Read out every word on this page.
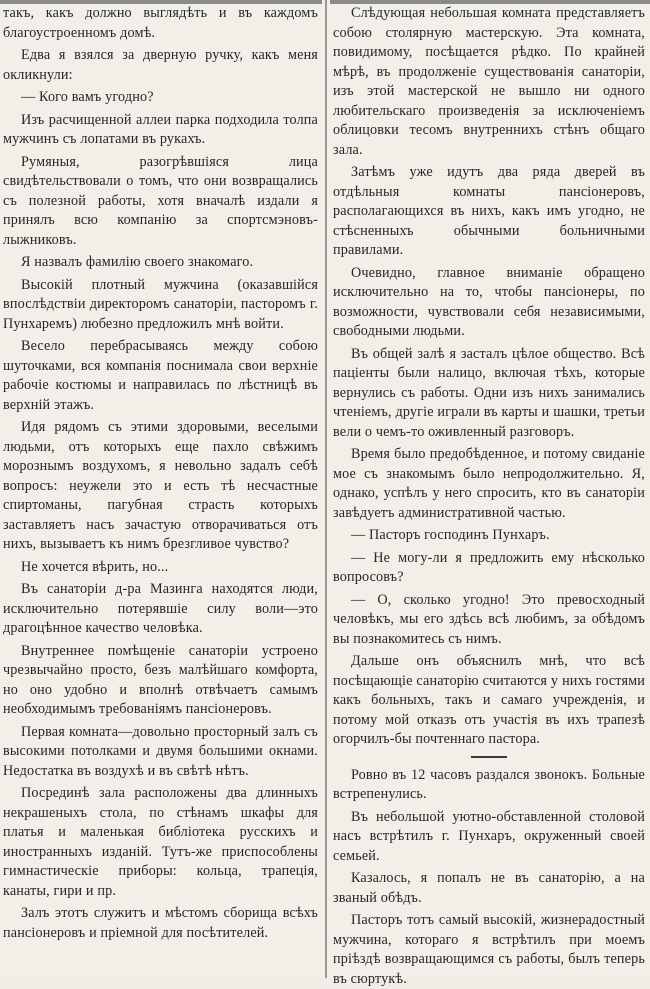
такъ, какъ должно выглядѣть и въ каждомъ благоустроенномъ домѣ.

Едва я взялся за дверную ручку, какъ меня окликнули:

— Кого вамъ угодно?

Изъ расчищенной аллеи парка подходила толпа мужчинъ съ лопатами въ рукахъ.

Румяныя, разогрѣвшіяся лица свидѣтельствовали о томъ, что они возвращались съ полезной работы, хотя вначалѣ издали я принялъ всю компанію за спортсмэновъ-лыжниковъ.

Я назвалъ фамилію своего знакомаго.

Высокій плотный мужчина (оказавшійся впослѣдствіи директоромъ санаторіи, пасторомъ г. Пунхаремъ) любезно предложилъ мнѣ войти.

Весело перебрасываясь между собою шуточками, вся компанія поснимала свои верхніе рабочіе костюмы и направилась по лѣстницѣ въ верхній этажъ.

Идя рядомъ съ этими здоровыми, веселыми людьми, отъ которыхъ еще пахло свѣжимъ морознымъ воздухомъ, я невольно задалъ себѣ вопросъ: неужели это и есть тѣ несчастные спиртоманы, пагубная страсть которыхъ заставляетъ насъ зачастую отворачиваться отъ нихъ, вызываетъ къ нимъ брезгливое чувство?

Не хочется вѣрить, но...

Въ санаторіи д-ра Мазинга находятся люди, исключительно потерявшіе силу воли—это драгоцѣнное качество человѣка.

Внутреннее помѣщеніе санаторіи устроено чрезвычайно просто, безъ малѣйшаго комфорта, но оно удобно и вполнѣ отвѣчаетъ самымъ необходимымъ требованіямъ пансіонеровъ.

Первая комната—довольно просторный залъ съ высокими потолками и двумя большими окнами. Недостатка въ воздухѣ и въ свѣтѣ нѣтъ.

Посрединѣ зала расположены два длинныхъ некрашеныхъ стола, по стѣнамъ шкафы для платья и маленькая библіотека русскихъ и иностранныхъ изданій. Тутъ-же приспособлены гимнастическіе приборы: кольца, трапеція, канаты, гири и пр.

Залъ этотъ служитъ и мѣстомъ сборища всѣхъ пансіонеровъ и пріемной для посѣтителей.

Слѣдующая небольшая комната представляетъ собою столярную мастерскую. Эта комната, повидимому, посѣщается рѣдко. По крайней мѣрѣ, въ продолженіе существованія санаторіи, изъ этой мастерской не вышло ни одного любительскаго произведенія за исключеніемъ облицовки тесомъ внутреннихъ стѣнъ общаго зала.

Затѣмъ уже идутъ два ряда дверей въ отдѣльныя комнаты пансіонеровъ, располагающихся въ нихъ, какъ имъ угодно, не стѣсненныхъ обычными больничными правилами.

Очевидно, главное вниманіе обращено исключительно на то, чтобы пансіонеры, по возможности, чувствовали себя независимыми, свободными людьми.

Въ общей залѣ я засталъ цѣлое общество. Всѣ паціенты были налицо, включая тѣхъ, которые вернулись съ работы. Одни изъ нихъ занимались чтеніемъ, другіе играли въ карты и шашки, третьи вели о чемъ-то оживленный разговоръ.

Время было предобѣденное, и потому свиданіе мое съ знакомымъ было непродолжительно. Я, однако, успѣлъ у него спросить, кто въ санаторіи завѣдуетъ административной частью.

— Пасторъ господинъ Пунхаръ.

— Не могу-ли я предложить ему нѣсколько вопросовъ?

— О, сколько угодно! Это превосходный человѣкъ, мы его здѣсь всѣ любимъ, за обѣдомъ вы познакомитесь съ нимъ.

Дальше онъ объяснилъ мнѣ, что всѣ посѣщающіе санаторію считаются у нихъ гостями какъ больныхъ, такъ и самаго учрежденія, и потому мой отказъ отъ участія въ ихъ трапезѣ огорчилъ-бы почтеннаго пастора.

Ровно въ 12 часовъ раздался звонокъ. Больные встрепенулись.

Въ небольшой уютно-обставленной столовой насъ встрѣтилъ г. Пунхаръ, окруженный своей семьей.

Казалось, я попалъ не въ санаторію, а на званый обѣдъ.

Пасторъ тотъ самый высокій, жизнерадостный мужчина, котораго я встрѣтилъ при моемъ пріѣздѣ возвращающимся съ работы, былъ теперь въ сюртукѣ.
